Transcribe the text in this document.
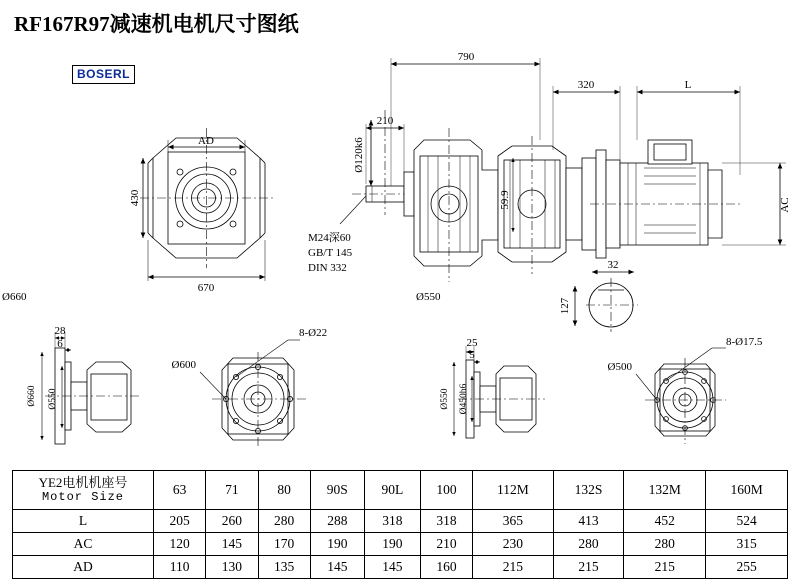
RF167R97减速机电机尺寸图纸
BOSERL
AD
430
670
790
320	L
210
Ø120k6
59.9	AC
M24深60
GB/T 145
DIN 332	32
127
Ø660
28
6
Ø660 Ø550
8-Ø22
Ø600
Ø550
25
5
Ø550 Ø450h6
8-Ø17.5
Ø500
YE2电机机座号
Motor Size	63	71	80	90S	90L	100	112M	132S	132M	160M
L	205	260	280	288	318	318	365	413	452	524
AC	120	145	170	190	190	210	230	280	280	315
AD	110	130	135	145	145	160	215	215	215	255
